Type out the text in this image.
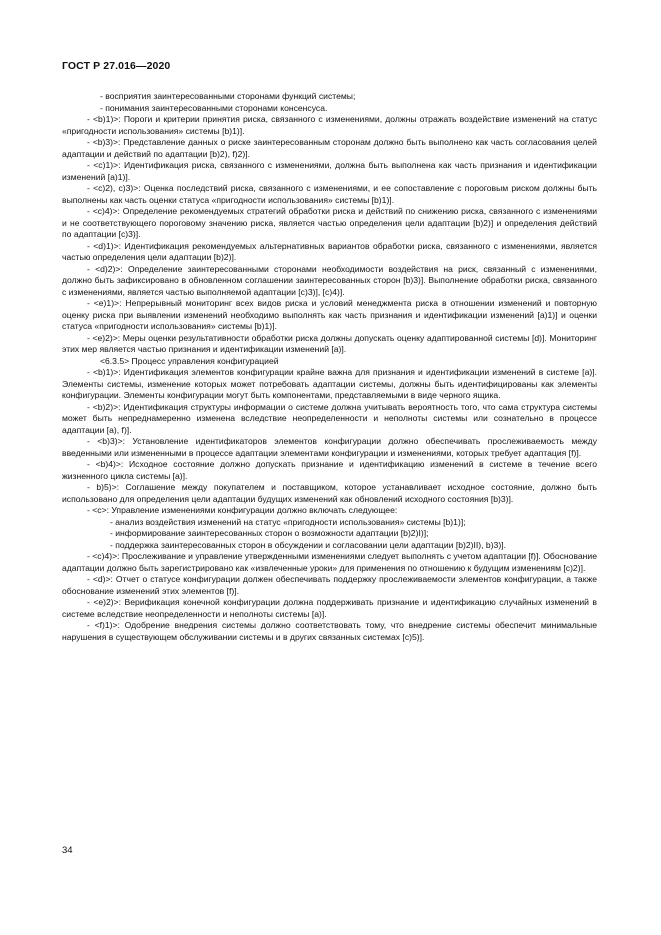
ГОСТ Р 27.016—2020

- восприятия заинтересованными сторонами функций системы;

- понимания заинтересованными сторонами консенсуса.

- <b)1)>: Пороги и критерии принятия риска, связанного с изменениями, должны отражать воздействие изменений на статус «пригодности использования» системы [b)1)].

- <b)3)>: Представление данных о риске заинтересованным сторонам должно быть выполнено как часть согласования целей адаптации и действий по адаптации [b)2), f)2)].

- <c)1)>: Идентификация риска, связанного с изменениями, должна быть выполнена как часть признания и идентификации изменений [a)1)].

- <c)2), c)3)>: Оценка последствий риска, связанного с изменениями, и ее сопоставление с пороговым риском должны быть выполнены как часть оценки статуса «пригодности использования» системы [b)1)].

- <c)4)>: Определение рекомендуемых стратегий обработки риска и действий по снижению риска, связанного с изменениями и не соответствующего пороговому значению риска, является частью определения цели адаптации [b)2)] и определения действий по адаптации [c)3)].

- <d)1)>: Идентификация рекомендуемых альтернативных вариантов обработки риска, связанного с изменениями, является частью определения цели адаптации [b)2)].

- <d)2)>: Определение заинтересованными сторонами необходимости воздействия на риск, связанный с изменениями, должно быть зафиксировано в обновленном соглашении заинтересованных сторон [b)3)]. Выполнение обработки риска, связанного с изменениями, является частью выполняемой адаптации [c)3)], [c)4)].

- <e)1)>: Непрерывный мониторинг всех видов риска и условий менеджмента риска в отношении изменений и повторную оценку риска при выявлении изменений необходимо выполнять как часть признания и идентификации изменений [a)1)] и оценки статуса «пригодности использования» системы [b)1)].

- <e)2)>: Меры оценки результативности обработки риска должны допускать оценку адаптированной системы [d)]. Мониторинг этих мер является частью признания и идентификации изменений [a)].

<6.3.5> Процесс управления конфигурацией

- <b)1)>: Идентификация элементов конфигурации крайне важна для признания и идентификации изменений в системе [a)]. Элементы системы, изменение которых может потребовать адаптации системы, должны быть идентифицированы как элементы конфигурации. Элементы конфигурации могут быть компонентами, представляемыми в виде черного ящика.

- <b)2)>: Идентификация структуры информации о системе должна учитывать вероятность того, что сама структура системы может быть непреднамеренно изменена вследствие неопределенности и неполноты системы или сознательно в процессе адаптации [a), f)].

- <b)3)>: Установление идентификаторов элементов конфигурации должно обеспечивать прослеживаемость между введенными или измененными в процессе адаптации элементами конфигурации и изменениями, которых требует адаптация [f)].

- <b)4)>: Исходное состояние должно допускать признание и идентификацию изменений в системе в течение всего жизненного цикла системы [a)].

- b)5)>: Соглашение между покупателем и поставщиком, которое устанавливает исходное состояние, должно быть использовано для определения цели адаптации будущих изменений как обновлений исходного состояния [b)3)].

- <c>: Управление изменениями конфигурации должно включать следующее:

- анализ воздействия изменений на статус «пригодности использования» системы [b)1)];

- информирование заинтересованных сторон о возможности адаптации [b)2)I)];

- поддержка заинтересованных сторон в обсуждении и согласовании цели адаптации [b)2)II), b)3)].

- <c)4)>: Прослеживание и управление утвержденными изменениями следует выполнять с учетом адаптации [f)]. Обоснование адаптации должно быть зарегистрировано как «извлеченные уроки» для применения по отношению к будущим изменениям [c)2)].

- <d)>: Отчет о статусе конфигурации должен обеспечивать поддержку прослеживаемости элементов конфигурации, а также обоснование изменений этих элементов [f)].

- <e)2)>: Верификация конечной конфигурации должна поддерживать признание и идентификацию случайных изменений в системе вследствие неопределенности и неполноты системы [a)].

- <f)1)>: Одобрение внедрения системы должно соответствовать тому, что внедрение системы обеспечит минимальные нарушения в существующем обслуживании системы и в других связанных системах [c)5)].

34
